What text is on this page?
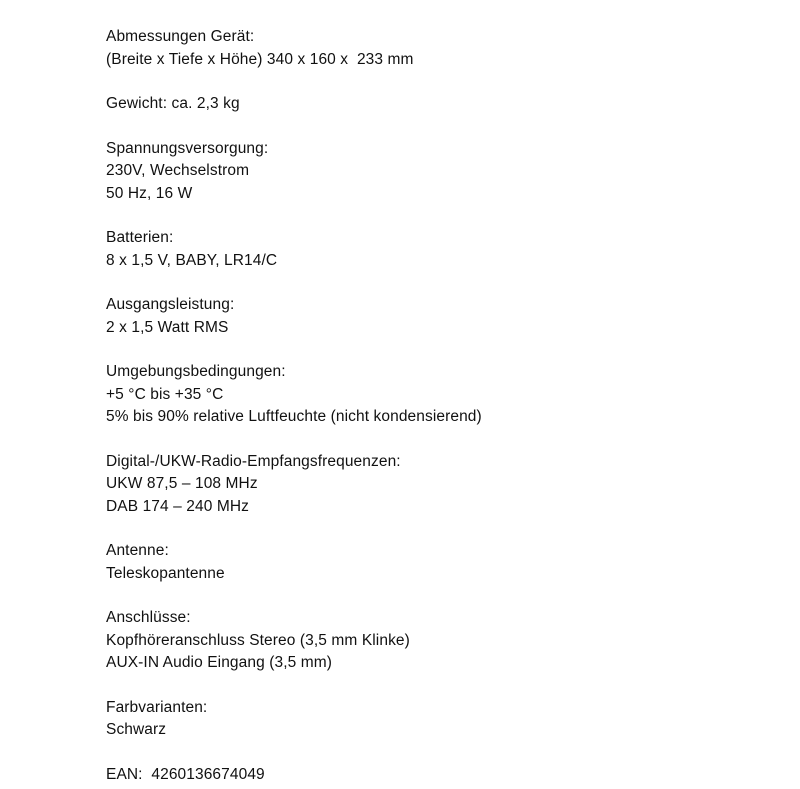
Abmessungen Gerät:
(Breite x Tiefe x Höhe) 340 x 160 x  233 mm
Gewicht: ca. 2,3 kg
Spannungsversorgung:
230V, Wechselstrom
50 Hz, 16 W
Batterien:
8 x 1,5 V, BABY, LR14/C
Ausgangsleistung:
2 x 1,5 Watt RMS
Umgebungsbedingungen:
+5 °C bis +35 °C
5% bis 90% relative Luftfeuchte (nicht kondensierend)
Digital-/UKW-Radio-Empfangsfrequenzen:
UKW 87,5 – 108 MHz
DAB 174 – 240 MHz
Antenne:
Teleskopantenne
Anschlüsse:
Kopfhöreranschluss Stereo (3,5 mm Klinke)
AUX-IN Audio Eingang (3,5 mm)
Farbvarianten:
Schwarz
EAN:  4260136674049
